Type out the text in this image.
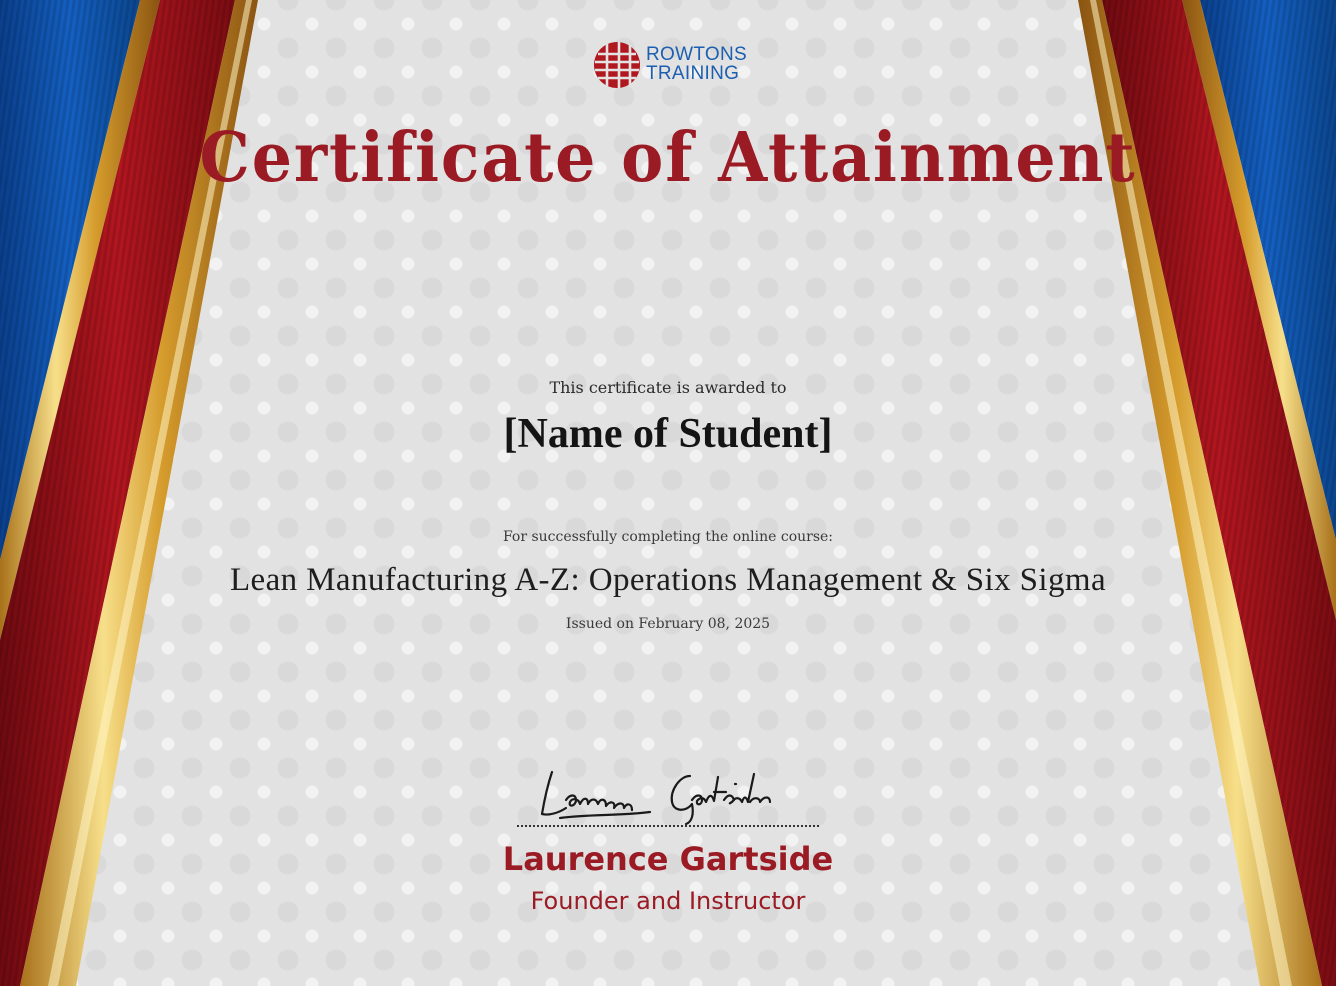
ROWTONS
TRAINING
Certificate of Attainment
This certificate is awarded to
[Name of Student]
For successfully completing the online course:
Lean Manufacturing A-Z: Operations Management & Six Sigma
Issued on February 08, 2025
Laurence Gartside
Founder and Instructor
